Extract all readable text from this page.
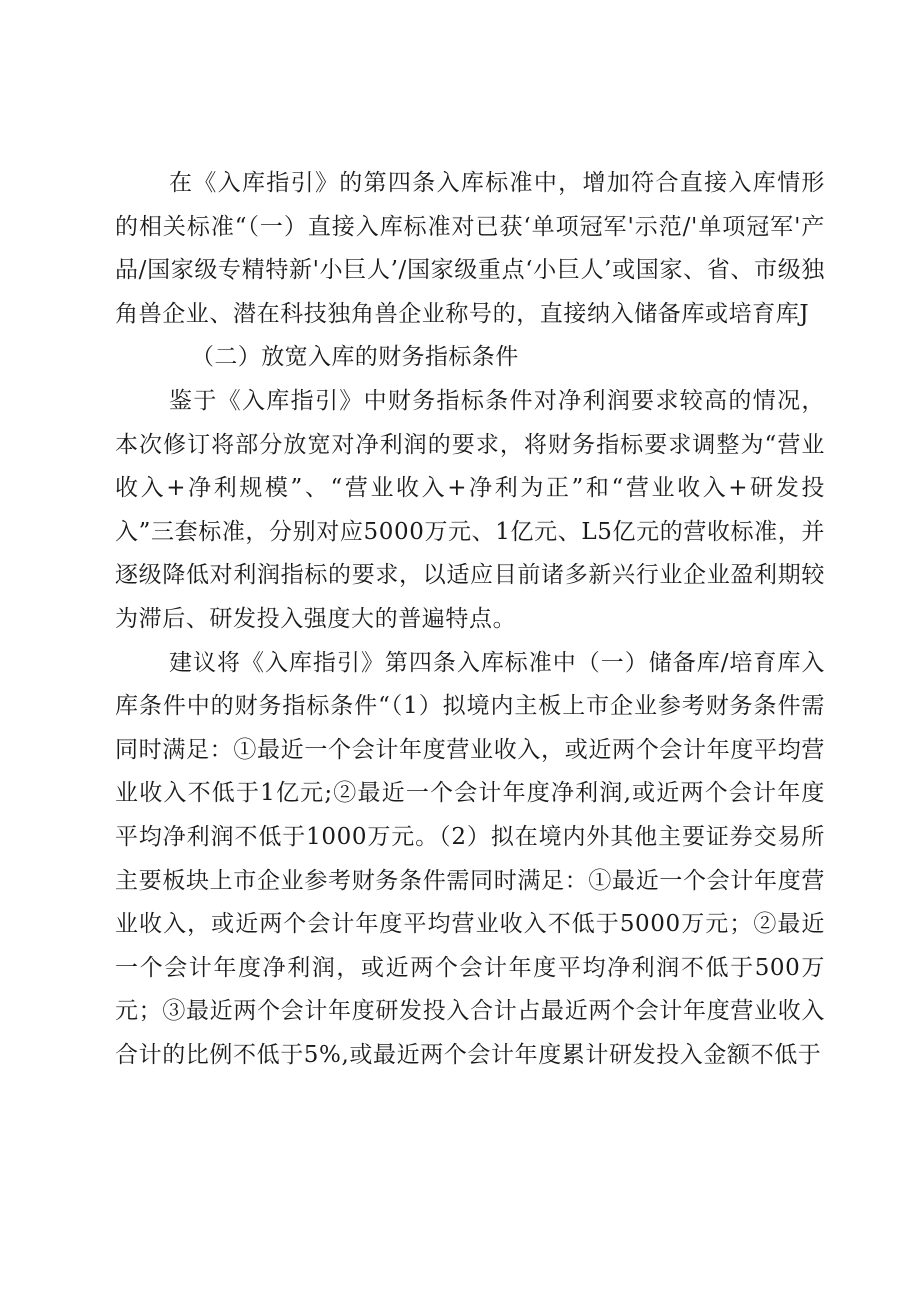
在《入库指引》的第四条入库标准中，增加符合直接入库情形的相关标准“（一）直接入库标准对已获‘单项冠军'示范/'单项冠军'产品/国家级专精特新'小巨人’/国家级重点‘小巨人’或国家、省、市级独角兽企业、潜在科技独角兽企业称号的，直接纳入储备库或培育库J

（二）放宽入库的财务指标条件

鉴于《入库指引》中财务指标条件对净利润要求较高的情况，本次修订将部分放宽对净利润的要求，将财务指标要求调整为“营业收入+净利规模”、“营业收入+净利为正”和“营业收入+研发投入”三套标准，分别对应5000万元、1亿元、L5亿元的营收标准，并逐级降低对利润指标的要求，以适应目前诸多新兴行业企业盈利期较为滞后、研发投入强度大的普遍特点。

建议将《入库指引》第四条入库标准中（一）储备库/培育库入库条件中的财务指标条件“（1）拟境内主板上市企业参考财务条件需同时满足：①最近一个会计年度营业收入，或近两个会计年度平均营业收入不低于1亿元;②最近一个会计年度净利润,或近两个会计年度平均净利润不低于1000万元。（2）拟在境内外其他主要证券交易所主要板块上市企业参考财务条件需同时满足：①最近一个会计年度营业收入，或近两个会计年度平均营业收入不低于5000万元；②最近一个会计年度净利润，或近两个会计年度平均净利润不低于500万元；③最近两个会计年度研发投入合计占最近两个会计年度营业收入合计的比例不低于5%,或最近两个会计年度累计研发投入金额不低于
